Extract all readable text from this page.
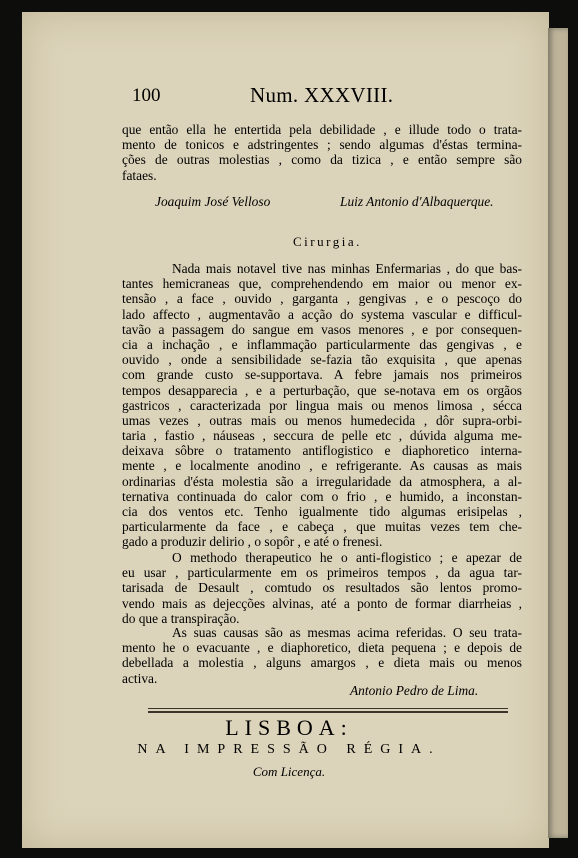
100	Num. XXXVIII.
que então ella he entertida pela debilidade , e illude todo o trata-
mento de tonicos e adstringentes ; sendo algumas d'éstas termina-
ções de outras molestias , como da tizica , e então sempre são
fataes.
Joaquim José Velloso	Luiz Antonio d'Albaquerque.
Cirurgia.
Nada mais notavel tive nas minhas Enfermarias , do que bas-
tantes hemicraneas que, comprehendendo em maior ou menor ex-
tensão , a face , ouvido , garganta , gengivas , e o pescoço do
lado affecto , augmentavão a acção do systema vascular e difficul-
tavão a passagem do sangue em vasos menores , e por consequen-
cia a inchação , e inflammação particularmente das gengivas , e
ouvido , onde a sensibilidade se-fazia tão exquisita , que apenas
com grande custo se-supportava. A febre jamais nos primeiros
tempos desapparecia , e a perturbação, que se-notava em os orgãos
gastricos , caracterizada por lingua mais ou menos limosa , sécca
umas vezes , outras mais ou menos humedecida , dôr supra-orbi-
taria , fastio , náuseas , seccura de pelle etc , dúvida alguma me-
deixava sôbre o tratamento antiflogistico e diaphoretico interna-
mente , e localmente anodino , e refrigerante. As causas as mais
ordinarias d'ésta molestia são a irregularidade da atmosphera, a al-
ternativa continuada do calor com o frio , e humido, a inconstan-
cia dos ventos etc. Tenho igualmente tido algumas erisipelas ,
particularmente da face , e cabeça , que muitas vezes tem che-
gado a produzir delirio , o sopôr , e até o frenesi.
O methodo therapeutico he o anti-flogistico ; e apezar de
eu usar , particularmente em os primeiros tempos , da agua tar-
tarisada de Desault , comtudo os resultados são lentos promo-
vendo mais as dejecções alvinas, até a ponto de formar diarrheias ,
do que a transpiração.
As suas causas são as mesmas acima referidas. O seu trata-
mento he o evacuante , e diaphoretico, dieta pequena ; e depois de
debellada a molestia , alguns amargos , e dieta mais ou menos
activa.
Antonio Pedro de Lima.
LISBOA:
NA IMPRESSÃO RÉGIA.
Com Licença.
